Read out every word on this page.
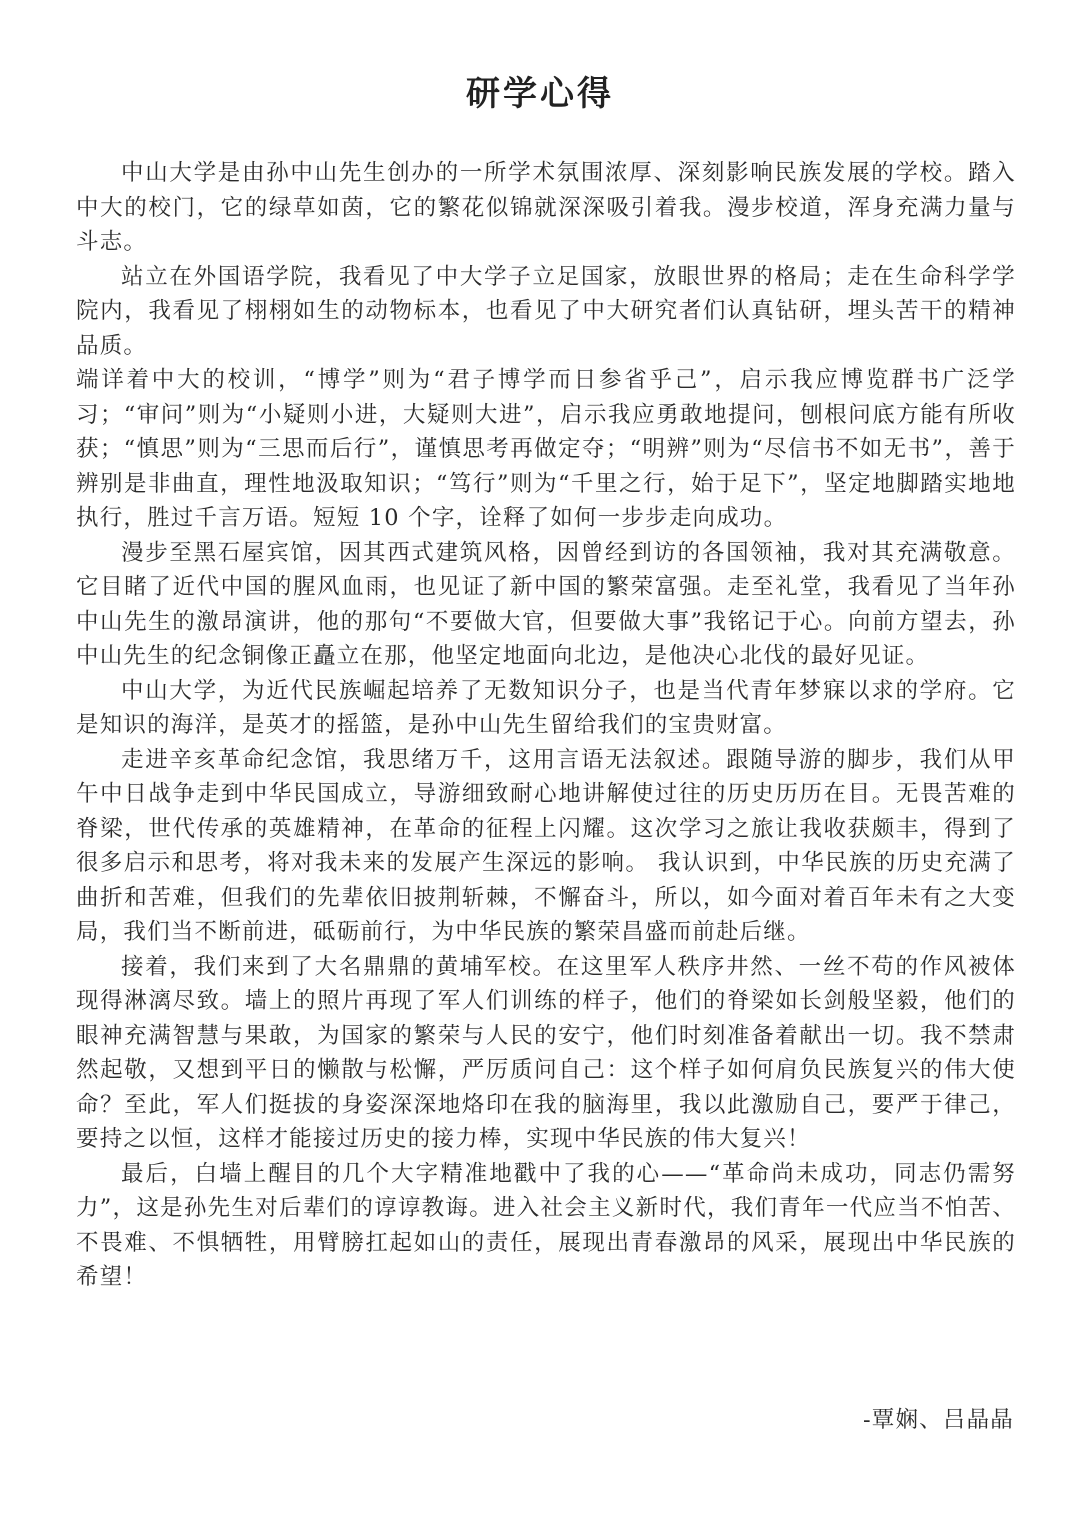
研学心得

中山大学是由孙中山先生创办的一所学术氛围浓厚、深刻影响民族发展的学校。踏入中大的校门，它的绿草如茵，它的繁花似锦就深深吸引着我。漫步校道，浑身充满力量与斗志。

站立在外国语学院，我看见了中大学子立足国家，放眼世界的格局；走在生命科学学院内，我看见了栩栩如生的动物标本，也看见了中大研究者们认真钻研，埋头苦干的精神品质。

端详着中大的校训，“博学”则为“君子博学而日参省乎己”，启示我应博览群书广泛学习；“审问”则为“小疑则小进，大疑则大进”，启示我应勇敢地提问，刨根问底方能有所收获；“慎思”则为“三思而后行”，谨慎思考再做定夺；“明辨”则为“尽信书不如无书”，善于辨别是非曲直，理性地汲取知识；“笃行”则为“千里之行，始于足下”，坚定地脚踏实地地执行，胜过千言万语。短短 10 个字，诠释了如何一步步走向成功。

漫步至黑石屋宾馆，因其西式建筑风格，因曾经到访的各国领袖，我对其充满敬意。它目睹了近代中国的腥风血雨，也见证了新中国的繁荣富强。走至礼堂，我看见了当年孙中山先生的激昂演讲，他的那句“不要做大官，但要做大事”我铭记于心。向前方望去，孙中山先生的纪念铜像正矗立在那，他坚定地面向北边，是他决心北伐的最好见证。

中山大学，为近代民族崛起培养了无数知识分子，也是当代青年梦寐以求的学府。它是知识的海洋，是英才的摇篮，是孙中山先生留给我们的宝贵财富。

走进辛亥革命纪念馆，我思绪万千，这用言语无法叙述。跟随导游的脚步，我们从甲午中日战争走到中华民国成立，导游细致耐心地讲解使过往的历史历历在目。无畏苦难的脊梁，世代传承的英雄精神，在革命的征程上闪耀。这次学习之旅让我收获颇丰，得到了很多启示和思考，将对我未来的发展产生深远的影响。 我认识到，中华民族的历史充满了曲折和苦难，但我们的先辈依旧披荆斩棘，不懈奋斗，所以，如今面对着百年未有之大变局，我们当不断前进，砥砺前行，为中华民族的繁荣昌盛而前赴后继。

接着，我们来到了大名鼎鼎的黄埔军校。在这里军人秩序井然、一丝不苟的作风被体现得淋漓尽致。墙上的照片再现了军人们训练的样子，他们的脊梁如长剑般坚毅，他们的眼神充满智慧与果敢，为国家的繁荣与人民的安宁，他们时刻准备着献出一切。我不禁肃然起敬，又想到平日的懒散与松懈，严厉质问自己：这个样子如何肩负民族复兴的伟大使命？至此，军人们挺拔的身姿深深地烙印在我的脑海里，我以此激励自己，要严于律己，要持之以恒，这样才能接过历史的接力棒，实现中华民族的伟大复兴！

最后，白墙上醒目的几个大字精准地戳中了我的心——“革命尚未成功，同志仍需努力”，这是孙先生对后辈们的谆谆教诲。进入社会主义新时代，我们青年一代应当不怕苦、不畏难、不惧牺牲，用臂膀扛起如山的责任，展现出青春激昂的风采，展现出中华民族的希望！

-覃娴、吕晶晶
